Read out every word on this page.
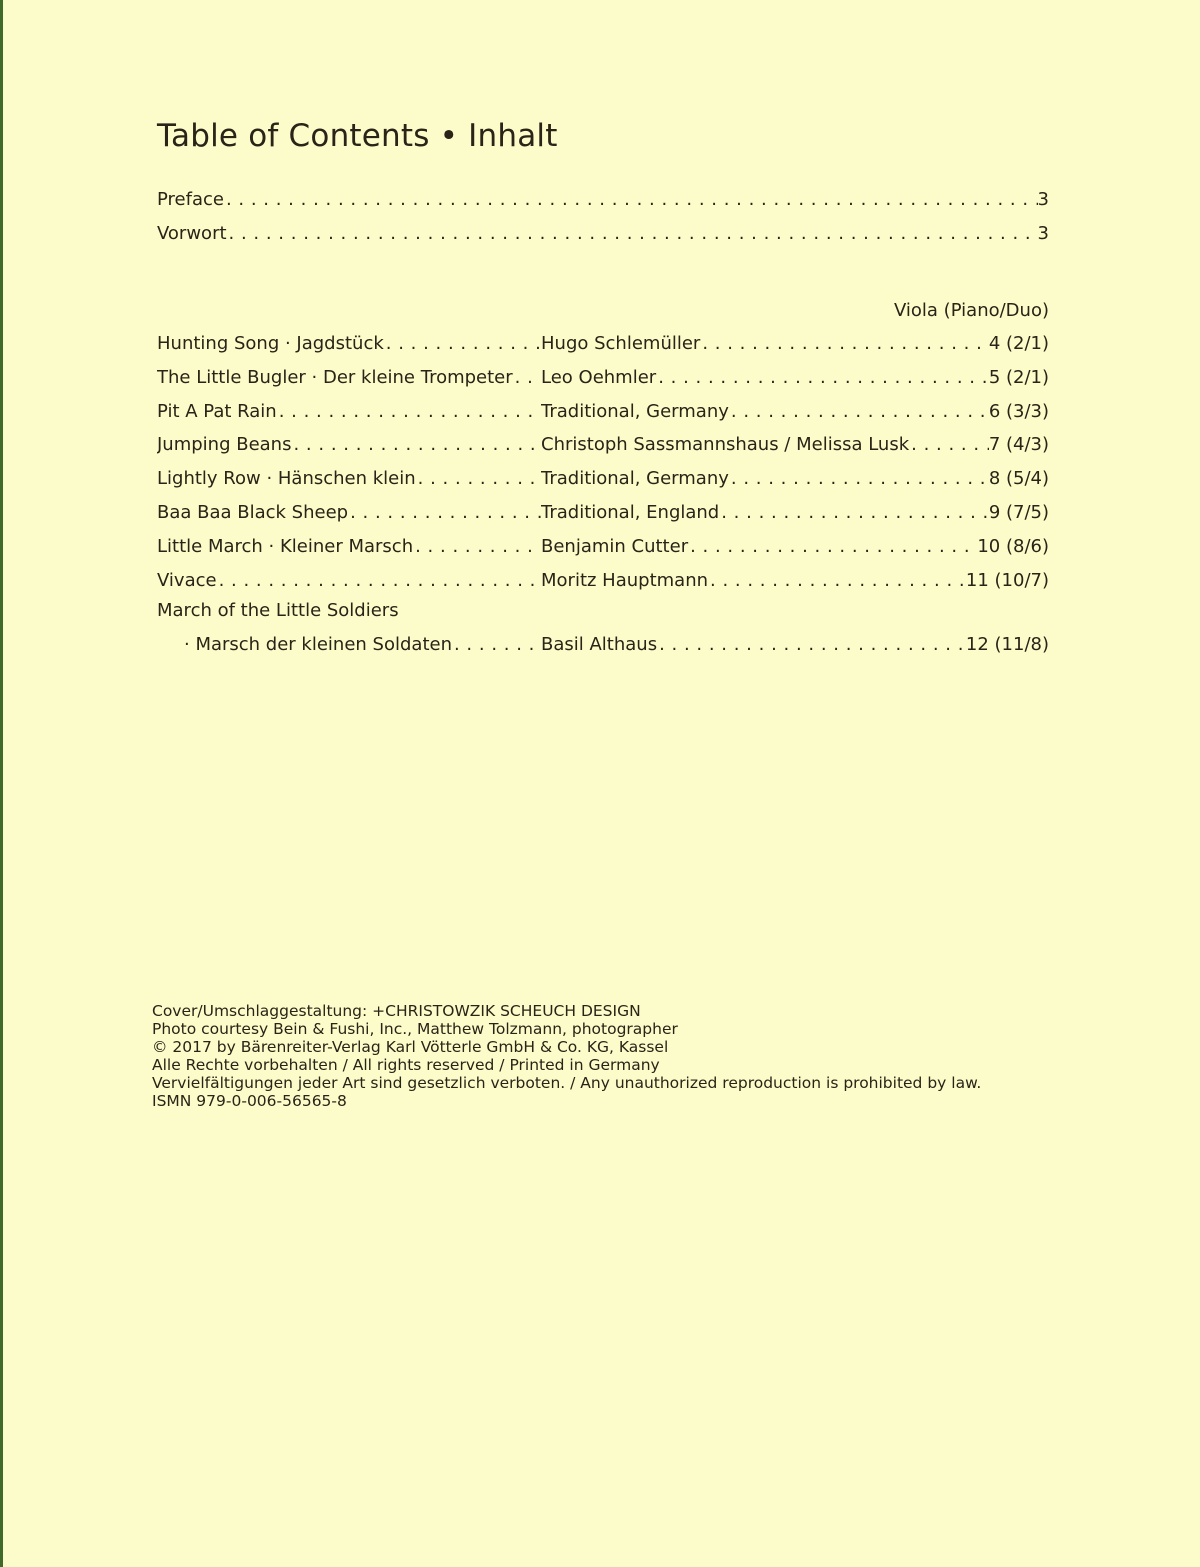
Table of Contents • Inhalt
Preface . . .	3
Vorwort . . .	3
Viola (Piano/Duo)
Hunting Song · Jagdstück . . .	Hugo Schlemüller . . .	4 (2/1)
The Little Bugler · Der kleine Trompeter . . . Leo Oehmler . . .	5 (2/1)
Pit A Pat Rain . . .	Traditional, Germany . . .	6 (3/3)
Jumping Beans . . .	Christoph Sassmannshaus / Melissa Lusk . . .	7 (4/3)
Lightly Row · Hänschen klein . . .	Traditional, Germany . . .	8 (5/4)
Baa Baa Black Sheep . . .	Traditional, England . . .	9 (7/5)
Little March · Kleiner Marsch . . .	Benjamin Cutter . . .	10 (8/6)
Vivace . . .	Moritz Hauptmann . . .	11 (10/7)
March of the Little Soldiers
· Marsch der kleinen Soldaten . . .	Basil Althaus . . .	12 (11/8)
Cover/Umschlaggestaltung: +CHRISTOWZIK SCHEUCH DESIGN
Photo courtesy Bein & Fushi, Inc., Matthew Tolzmann, photographer
© 2017 by Bärenreiter-Verlag Karl Vötterle GmbH & Co. KG, Kassel
Alle Rechte vorbehalten / All rights reserved / Printed in Germany
Vervielfältigungen jeder Art sind gesetzlich verboten. / Any unauthorized reproduction is prohibited by law.
ISMN 979-0-006-56565-8
